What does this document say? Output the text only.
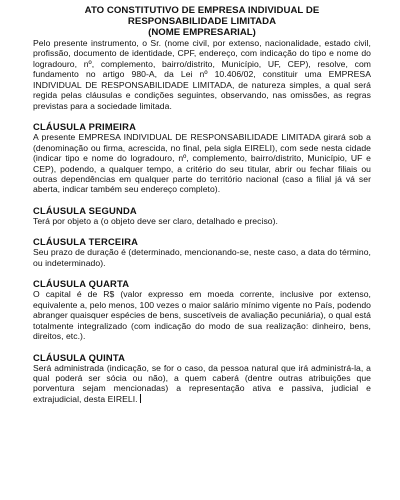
ATO CONSTITUTIVO DE EMPRESA INDIVIDUAL DE RESPONSABILIDADE LIMITADA
(NOME EMPRESARIAL)

Pelo presente instrumento, o Sr. (nome civil, por extenso, nacionalidade, estado civil, profissão, documento de identidade, CPF, endereço, com indicação do tipo e nome do logradouro, nº, complemento, bairro/distrito, Município, UF, CEP), resolve, com fundamento no artigo 980-A, da Lei nº 10.406/02, constituir uma EMPRESA INDIVIDUAL DE RESPONSABILIDADE LIMITADA, de natureza simples, a qual será regida pelas cláusulas e condições seguintes, observando, nas omissões, as regras previstas para a sociedade limitada.

CLÁUSULA PRIMEIRA

A presente EMPRESA INDIVIDUAL DE RESPONSABILIDADE LIMITADA girará sob a (denominação ou firma, acrescida, no final, pela sigla EIRELI), com sede nesta cidade (indicar tipo e nome do logradouro, nº, complemento, bairro/distrito, Município, UF e CEP), podendo, a qualquer tempo, a critério do seu titular, abrir ou fechar filiais ou outras dependências em qualquer parte do território nacional (caso a filial já vá ser aberta, indicar também seu endereço completo).

CLÁUSULA SEGUNDA

Terá por objeto a (o objeto deve ser claro, detalhado e preciso).

CLÁUSULA TERCEIRA

Seu prazo de duração é (determinado, mencionando-se, neste caso, a data do término, ou indeterminado).

CLÁUSULA QUARTA

O capital é de R$ (valor expresso em moeda corrente, inclusive por extenso, equivalente a, pelo menos, 100 vezes o maior salário mínimo vigente no País, podendo abranger quaisquer espécies de bens, suscetíveis de avaliação pecuniária), o qual está totalmente integralizado (com indicação do modo de sua realização: dinheiro, bens, direitos, etc.).

CLÁUSULA QUINTA

Será administrada (indicação, se for o caso, da pessoa natural que irá administrá-la, a qual poderá ser sócia ou não), a quem caberá (dentre outras atribuições que porventura sejam mencionadas) a representação ativa e passiva, judicial e extrajudicial, desta EIRELI.
